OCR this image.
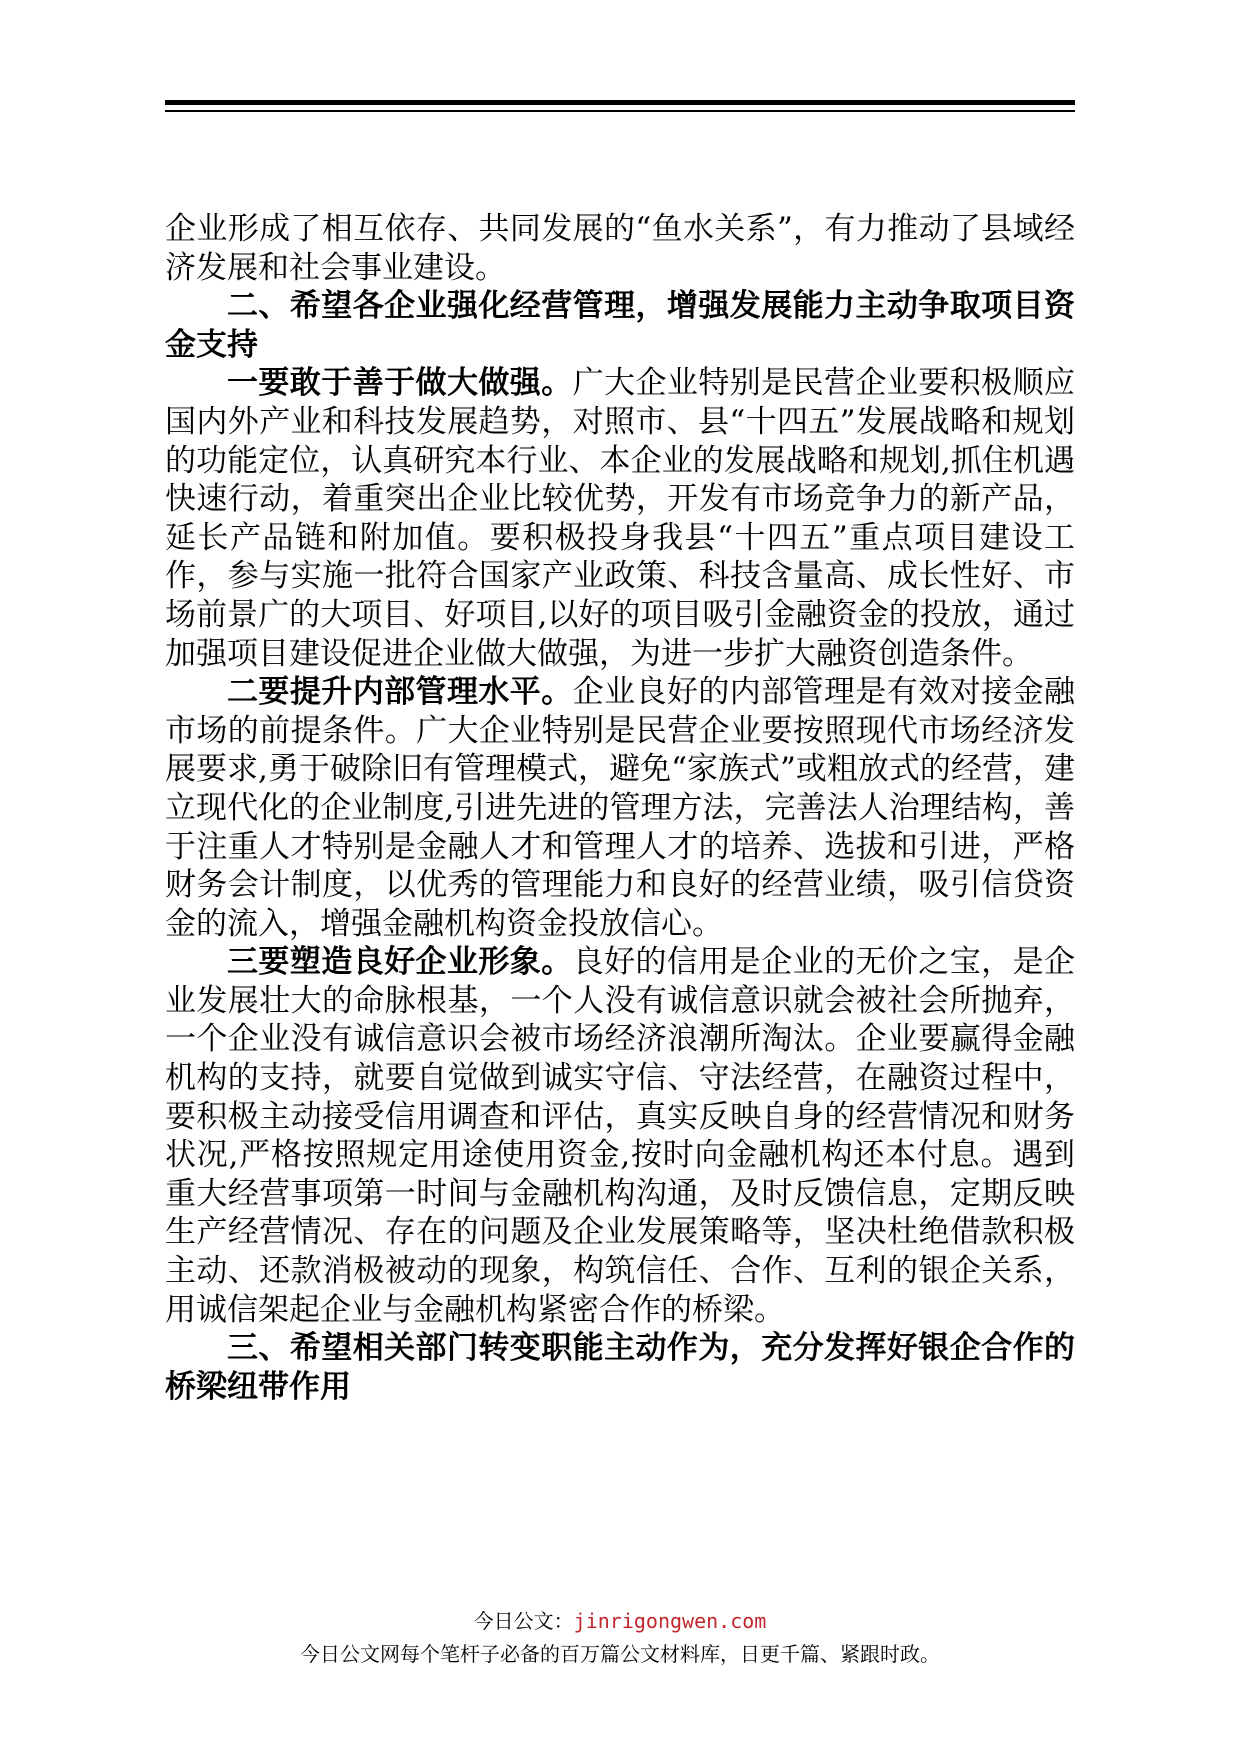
企业形成了相互依存、共同发展的“鱼水关系”，有力推动了县域经济发展和社会事业建设。

二、希望各企业强化经营管理，增强发展能力主动争取项目资金支持

一要敢于善于做大做强。广大企业特别是民营企业要积极顺应国内外产业和科技发展趋势，对照市、县“十四五”发展战略和规划的功能定位，认真研究本行业、本企业的发展战略和规划,抓住机遇快速行动，着重突出企业比较优势，开发有市场竞争力的新产品，延长产品链和附加值。要积极投身我县“十四五”重点项目建设工作，参与实施一批符合国家产业政策、科技含量高、成长性好、市场前景广的大项目、好项目,以好的项目吸引金融资金的投放，通过加强项目建设促进企业做大做强，为进一步扩大融资创造条件。

二要提升内部管理水平。企业良好的内部管理是有效对接金融市场的前提条件。广大企业特别是民营企业要按照现代市场经济发展要求,勇于破除旧有管理模式，避免“家族式”或粗放式的经营，建立现代化的企业制度,引进先进的管理方法，完善法人治理结构，善于注重人才特别是金融人才和管理人才的培养、选拔和引进，严格财务会计制度，以优秀的管理能力和良好的经营业绩，吸引信贷资金的流入，增强金融机构资金投放信心。

三要塑造良好企业形象。良好的信用是企业的无价之宝，是企业发展壮大的命脉根基，一个人没有诚信意识就会被社会所抛弃，一个企业没有诚信意识会被市场经济浪潮所淘汰。企业要赢得金融机构的支持，就要自觉做到诚实守信、守法经营，在融资过程中，要积极主动接受信用调查和评估，真实反映自身的经营情况和财务状况,严格按照规定用途使用资金,按时向金融机构还本付息。遇到重大经营事项第一时间与金融机构沟通，及时反馈信息，定期反映生产经营情况、存在的问题及企业发展策略等，坚决杜绝借款积极主动、还款消极被动的现象，构筑信任、合作、互利的银企关系，用诚信架起企业与金融机构紧密合作的桥梁。

三、希望相关部门转变职能主动作为，充分发挥好银企合作的桥梁纽带作用

今日公文：jinrigongwen.com
今日公文网每个笔杆子必备的百万篇公文材料库，日更千篇、紧跟时政。
